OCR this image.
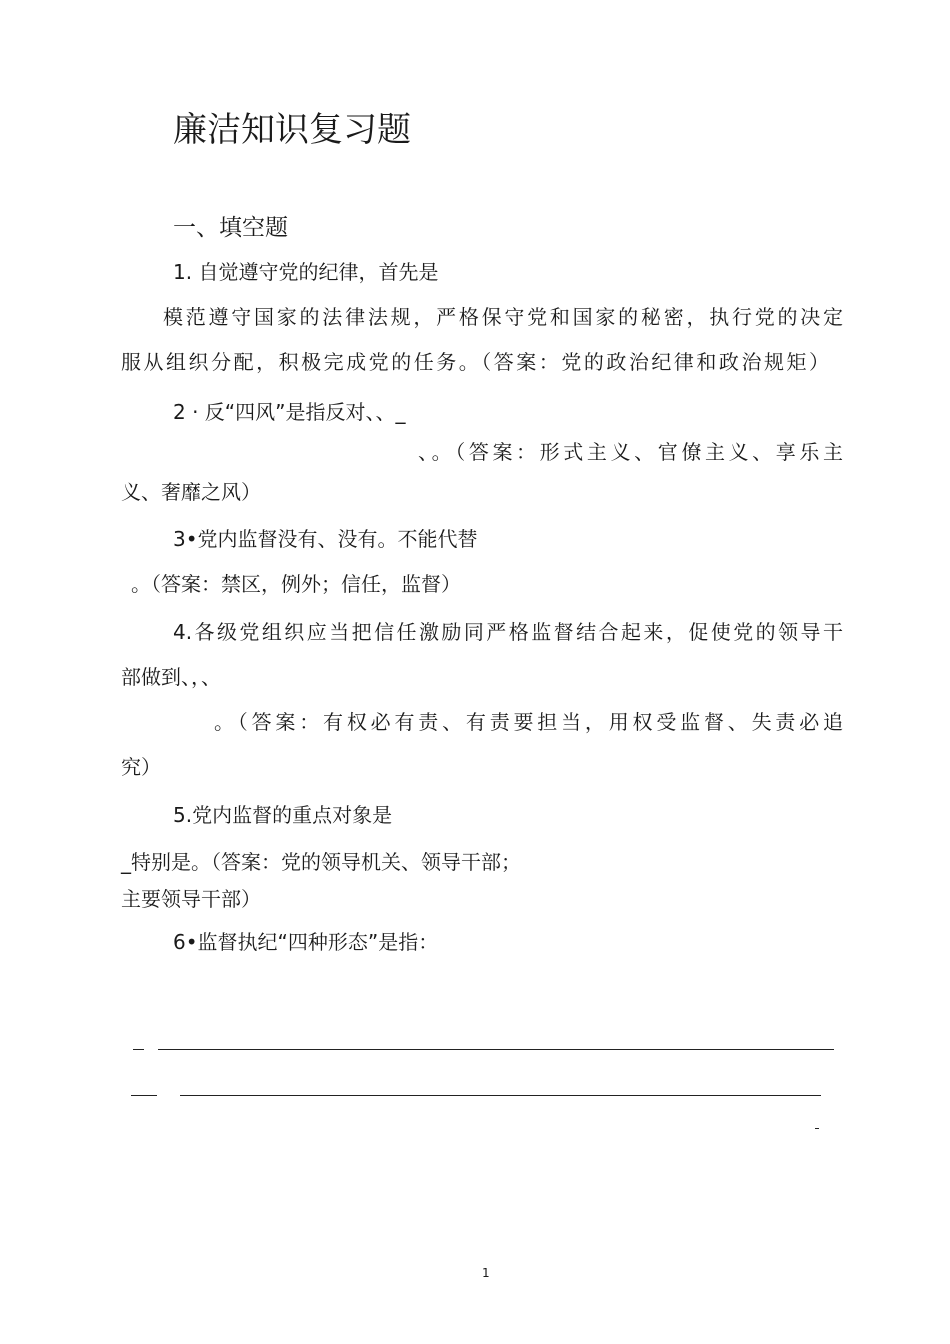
廉洁知识复习题
一、填空题
1. 自觉遵守党的纪律，首先是
模范遵守国家的法律法规，严格保守党和国家的秘密，执行党的决定
服从组织分配，积极完成党的任务。（答案：党的政治纪律和政治规矩）
2 · 反“四风”是指反对、、_
、。（答案：形式主义、官僚主义、享乐主
义、奢靡之风）
3•党内监督没有、没有。不能代替
。（答案：禁区，例外；信任，监督）
4.各级党组织应当把信任激励同严格监督结合起来，促使党的领导干
部做到、，、
。（答案：有权必有责、有责要担当，用权受监督、失责必追
究）
5.党内监督的重点对象是
_特别是。（答案：党的领导机关、领导干部；
主要领导干部）
6•监督执纪“四种形态”是指：
1
